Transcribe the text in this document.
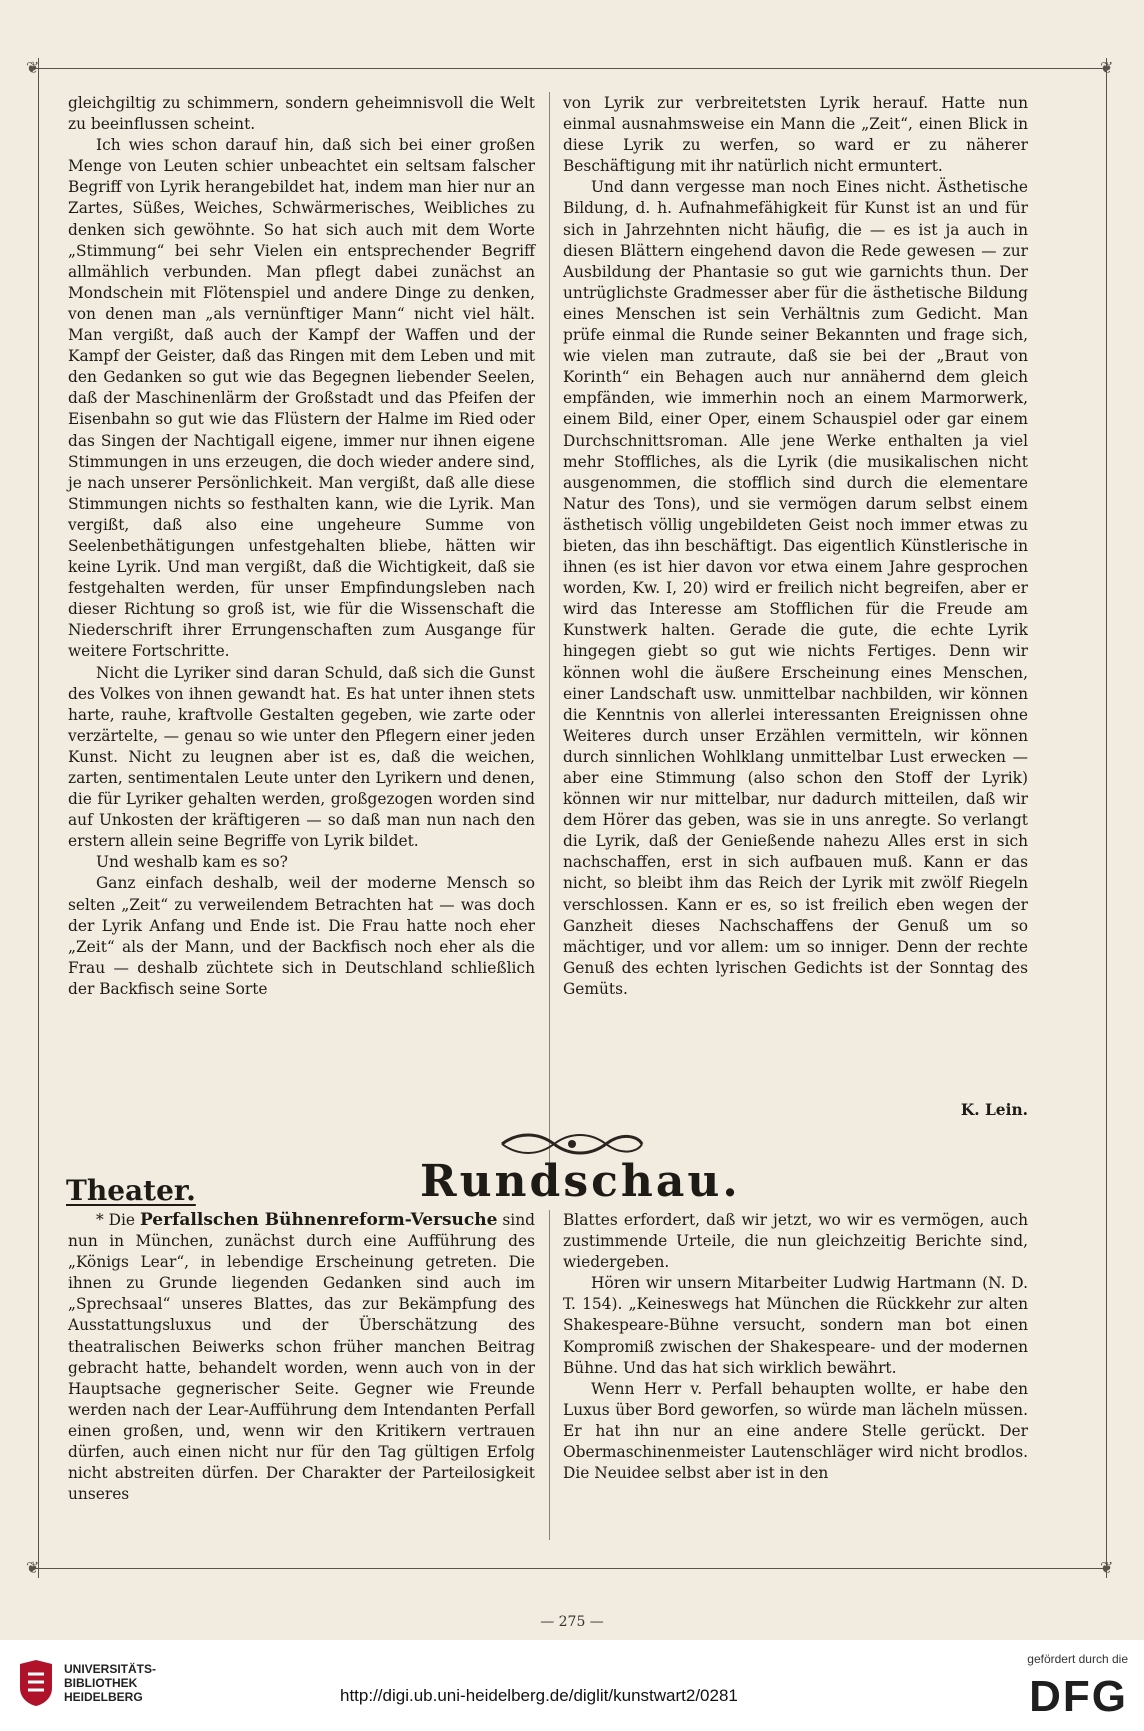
❦	❦
❦	❦

gleichgiltig zu schimmern, sondern geheimnisvoll die Welt zu beeinflussen scheint.

Ich wies schon darauf hin, daß sich bei einer großen Menge von Leuten schier unbeachtet ein seltsam falscher Begriff von Lyrik herangebildet hat, indem man hier nur an Zartes, Süßes, Weiches, Schwärmerisches, Weibliches zu denken sich gewöhnte. So hat sich auch mit dem Worte „Stimmung“ bei sehr Vielen ein entsprechender Begriff allmählich verbunden. Man pflegt dabei zunächst an Mondschein mit Flötenspiel und andere Dinge zu denken, von denen man „als vernünftiger Mann“ nicht viel hält. Man vergißt, daß auch der Kampf der Waffen und der Kampf der Geister, daß das Ringen mit dem Leben und mit den Gedanken so gut wie das Begegnen liebender Seelen, daß der Maschinenlärm der Großstadt und das Pfeifen der Eisenbahn so gut wie das Flüstern der Halme im Ried oder das Singen der Nachtigall eigene, immer nur ihnen eigene Stimmungen in uns erzeugen, die doch wieder andere sind, je nach unserer Persönlichkeit. Man vergißt, daß alle diese Stimmungen nichts so festhalten kann, wie die Lyrik. Man vergißt, daß also eine ungeheure Summe von Seelenbethätigungen unfestgehalten bliebe, hätten wir keine Lyrik. Und man vergißt, daß die Wichtigkeit, daß sie festgehalten werden, für unser Empfindungsleben nach dieser Richtung so groß ist, wie für die Wissenschaft die Niederschrift ihrer Errungenschaften zum Ausgange für weitere Fortschritte.

Nicht die Lyriker sind daran Schuld, daß sich die Gunst des Volkes von ihnen gewandt hat. Es hat unter ihnen stets harte, rauhe, kraftvolle Gestalten gegeben, wie zarte oder verzärtelte, — genau so wie unter den Pflegern einer jeden Kunst. Nicht zu leugnen aber ist es, daß die weichen, zarten, sentimentalen Leute unter den Lyrikern und denen, die für Lyriker gehalten werden, großgezogen worden sind auf Unkosten der kräftigeren — so daß man nun nach den erstern allein seine Begriffe von Lyrik bildet.

Und weshalb kam es so?

Ganz einfach deshalb, weil der moderne Mensch so selten „Zeit“ zu verweilendem Betrachten hat — was doch der Lyrik Anfang und Ende ist. Die Frau hatte noch eher „Zeit“ als der Mann, und der Backfisch noch eher als die Frau — deshalb züchtete sich in Deutschland schließlich der Backfisch seine Sorte

von Lyrik zur verbreitetsten Lyrik herauf. Hatte nun einmal ausnahmsweise ein Mann die „Zeit“, einen Blick in diese Lyrik zu werfen, so ward er zu näherer Beschäftigung mit ihr natürlich nicht ermuntert.

Und dann vergesse man noch Eines nicht. Ästhetische Bildung, d. h. Aufnahmefähigkeit für Kunst ist an und für sich in Jahrzehnten nicht häufig, die — es ist ja auch in diesen Blättern eingehend davon die Rede gewesen — zur Ausbildung der Phantasie so gut wie garnichts thun. Der untrüglichste Gradmesser aber für die ästhetische Bildung eines Menschen ist sein Verhältnis zum Gedicht. Man prüfe einmal die Runde seiner Bekannten und frage sich, wie vielen man zutraute, daß sie bei der „Braut von Korinth“ ein Behagen auch nur annähernd dem gleich empfänden, wie immerhin noch an einem Marmorwerk, einem Bild, einer Oper, einem Schauspiel oder gar einem Durchschnittsroman. Alle jene Werke enthalten ja viel mehr Stoffliches, als die Lyrik (die musikalischen nicht ausgenommen, die stofflich sind durch die elementare Natur des Tons), und sie vermögen darum selbst einem ästhetisch völlig ungebildeten Geist noch immer etwas zu bieten, das ihn beschäftigt. Das eigentlich Künstlerische in ihnen (es ist hier davon vor etwa einem Jahre gesprochen worden, Kw. I, 20) wird er freilich nicht begreifen, aber er wird das Interesse am Stofflichen für die Freude am Kunstwerk halten. Gerade die gute, die echte Lyrik hingegen giebt so gut wie nichts Fertiges. Denn wir können wohl die äußere Erscheinung eines Menschen, einer Landschaft usw. unmittelbar nachbilden, wir können die Kenntnis von allerlei interessanten Ereignissen ohne Weiteres durch unser Erzählen vermitteln, wir können durch sinnlichen Wohlklang unmittelbar Lust erwecken — aber eine Stimmung (also schon den Stoff der Lyrik) können wir nur mittelbar, nur dadurch mitteilen, daß wir dem Hörer das geben, was sie in uns anregte. So verlangt die Lyrik, daß der Genießende nahezu Alles erst in sich nachschaffen, erst in sich aufbauen muß. Kann er das nicht, so bleibt ihm das Reich der Lyrik mit zwölf Riegeln verschlossen. Kann er es, so ist freilich eben wegen der Ganzheit dieses Nachschaffens der Genuß um so mächtiger, und vor allem: um so inniger. Denn der rechte Genuß des echten lyrischen Gedichts ist der Sonntag des Gemüts.

K. Lein.

Theater.	Rundschau.

* Die Perfallschen Bühnenreform-Versuche sind nun in München, zunächst durch eine Aufführung des „Königs Lear“, in lebendige Erscheinung getreten. Die ihnen zu Grunde liegenden Gedanken sind auch im „Sprechsaal“ unseres Blattes, das zur Bekämpfung des Ausstattungsluxus und der Überschätzung des theatralischen Beiwerks schon früher manchen Beitrag gebracht hatte, behandelt worden, wenn auch von in der Hauptsache gegnerischer Seite. Gegner wie Freunde werden nach der Lear-Aufführung dem Intendanten Perfall einen großen, und, wenn wir den Kritikern vertrauen dürfen, auch einen nicht nur für den Tag gültigen Erfolg nicht abstreiten dürfen. Der Charakter der Parteilosigkeit unseres

Blattes erfordert, daß wir jetzt, wo wir es vermögen, auch zustimmende Urteile, die nun gleichzeitig Berichte sind, wiedergeben.

Hören wir unsern Mitarbeiter Ludwig Hartmann (N. D. T. 154). „Keineswegs hat München die Rückkehr zur alten Shakespeare-Bühne versucht, sondern man bot einen Kompromiß zwischen der Shakespeare- und der modernen Bühne. Und das hat sich wirklich bewährt.

Wenn Herr v. Perfall behaupten wollte, er habe den Luxus über Bord geworfen, so würde man lächeln müssen. Er hat ihn nur an eine andere Stelle gerückt. Der Obermaschinenmeister Lautenschläger wird nicht brodlos. Die Neuidee selbst aber ist in den

— 275 —
UNIVERSITÄTS-
BIBLIOTHEK
HEIDELBERG	http://digi.ub.uni-heidelberg.de/diglit/kunstwart2/0281
gefördert durch die
DFG
